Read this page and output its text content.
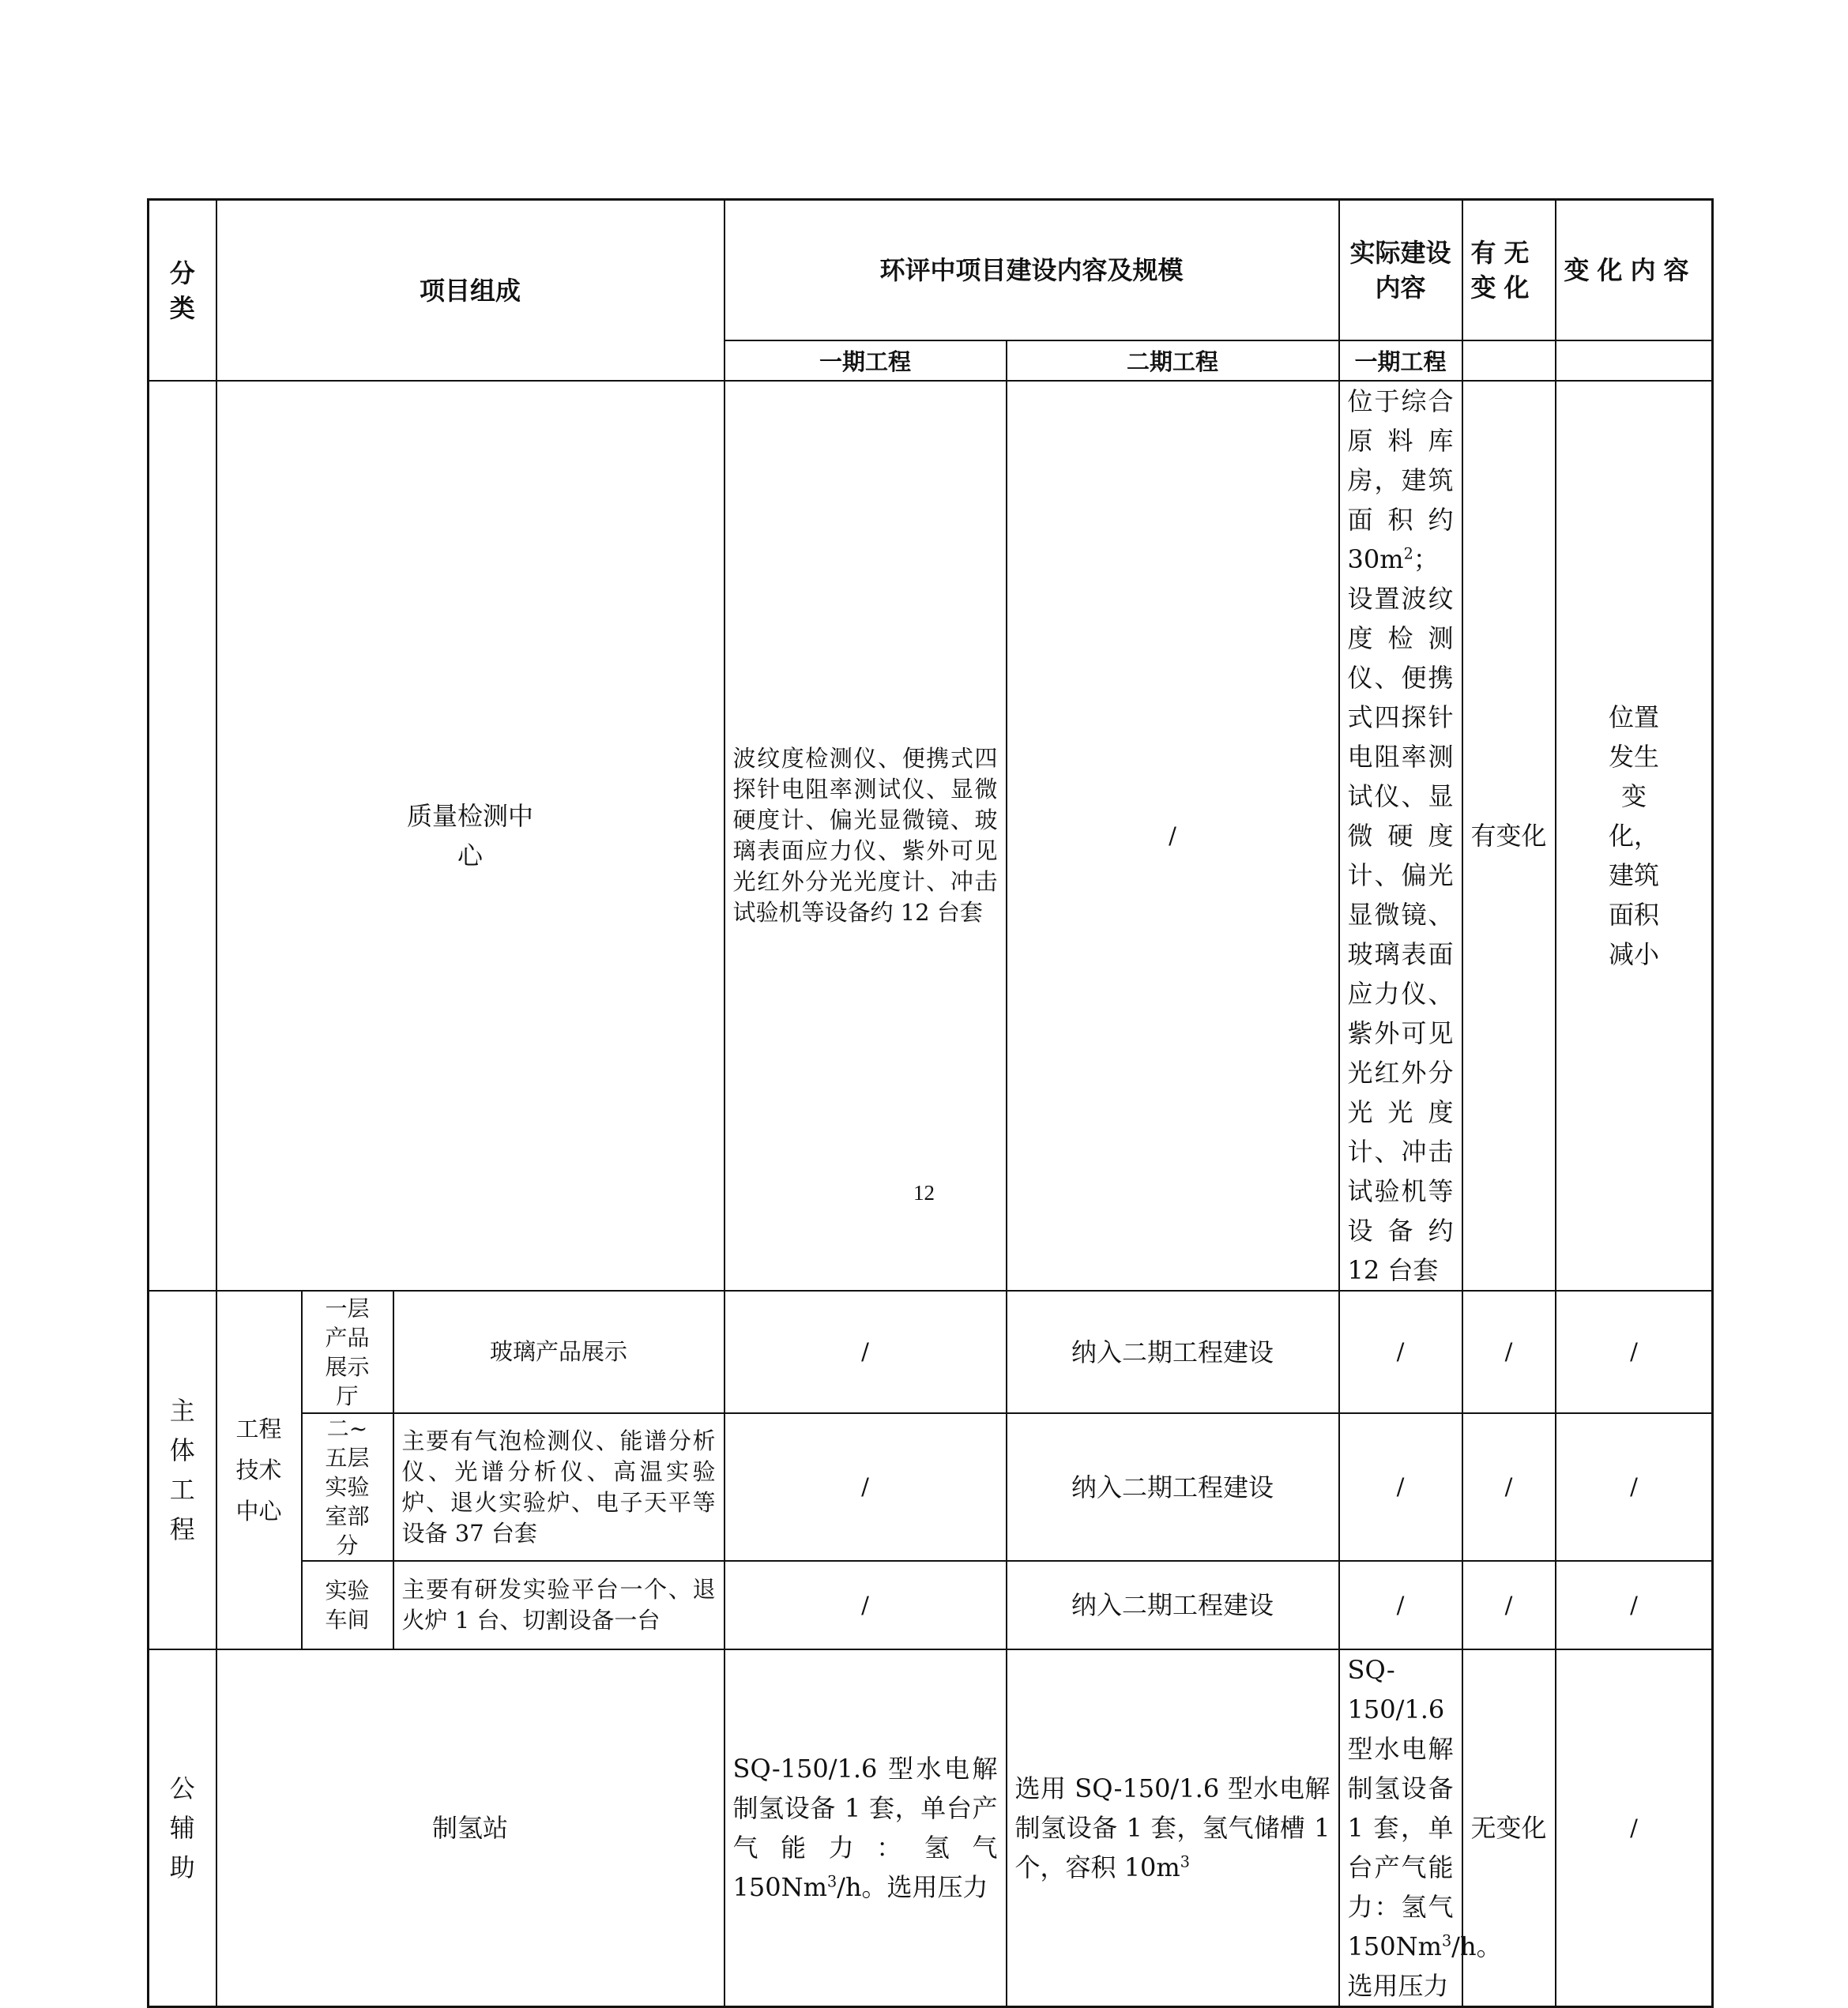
分类	项目组成			环评中项目建设内容及规模		实际建设内容	有无变化	变化内容	
				一期工程	二期工程	一期工程			

	质量检测中心			波纹度检测仪、便携式四探针电阻率测试仪、显微硬度计、偏光显微镜、玻璃表面应力仪、紫外可见光红外分光光度计、冲击试验机等设备约 12 台套	/	位于综合原料库房，建筑面积约 $30m^2$；设置波纹度检测仪、便携式四探针电阻率测试仪、显微硬度计、偏光显微镜、玻璃表面应力仪、紫外可见光红外分光光度计、冲击试验机等设备约 12 台套	有变化	位置发生变化，建筑面积减小

主体工程	工程技术中心	一层产品展示厅	玻璃产品展示	/	纳入二期工程建设	/	/	/	

		二~五层实验室部分	主要有气泡检测仪、能谱分析仪、光谱分析仪、高温实验炉、退火实验炉、电子天平等设备 37 台套	/	纳入二期工程建设	/	/	/	

		实验车间	主要有研发实验平台一个、退火炉 1 台、切割设备一台	/	纳入二期工程建设	/	/	/	

公辅助	制氢站			SQ-150/1.6 型水电解制氢设备 1 套，单台产气能力：氢气 150Nm$^3$/h。选用压力	选用 SQ-150/1.6 型水电解制氢设备 1 套，氢气储槽 1 个，容积 $10m^3$	SQ-150/1.6 型水电解制氢设备 1 套，单台产气能力：氢气 150Nm$^3$/h。选用压力	无变化	/	
12
